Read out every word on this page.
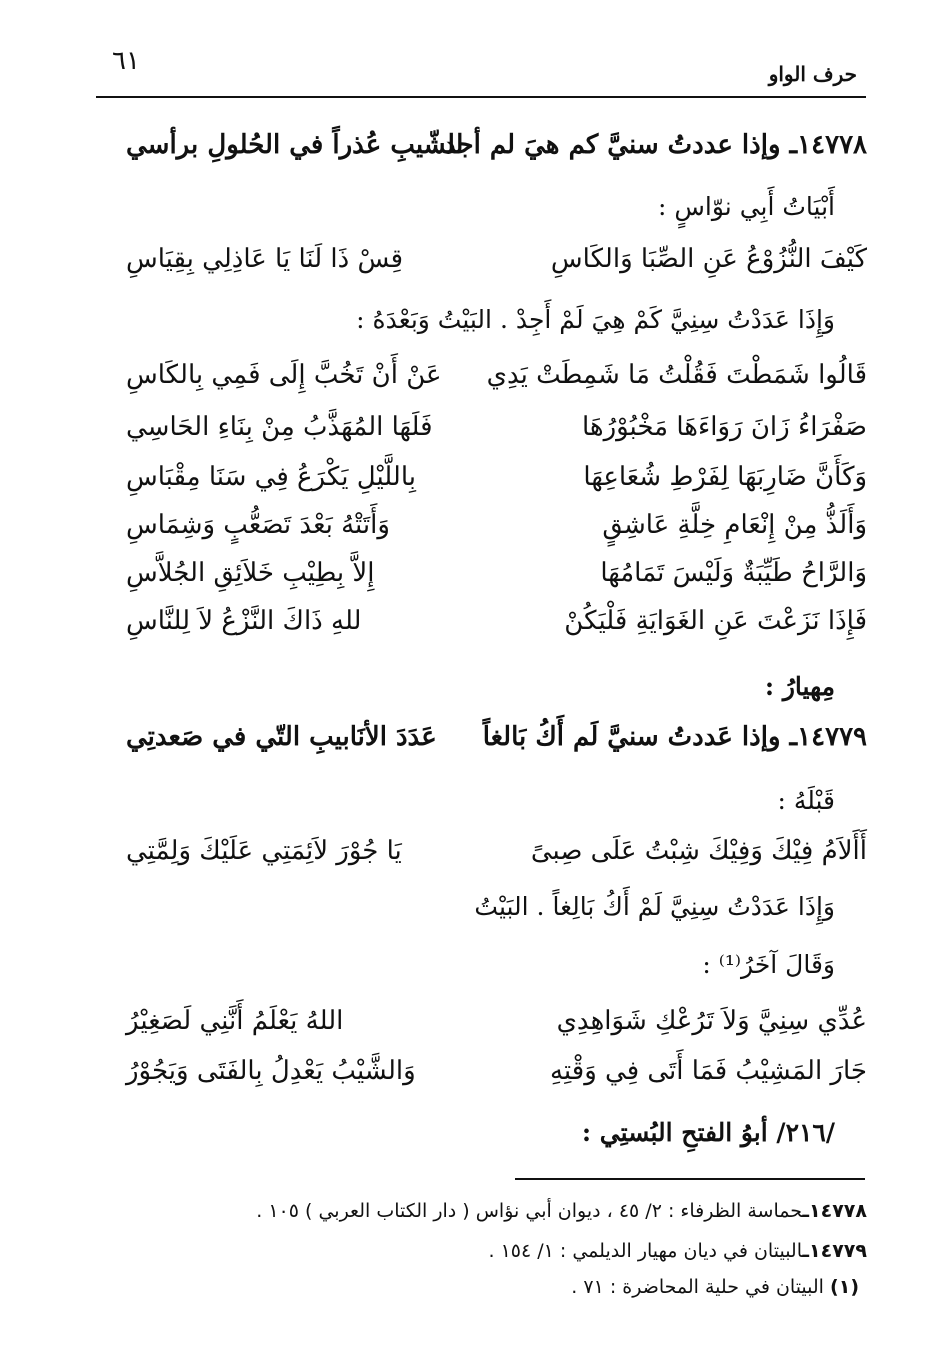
٦١	حرف الواو
١٤٧٧٨ـ وإذا عددتُ سنيَّ كم هيَ لم أجد
للشّيبِ عُذراً في الحُلولِ برأسي
أَبْيَاتُ أَبِي نوّاسٍ :
كَيْفَ النُّزُوْعُ عَنِ الصِّبَا وَالكَاسِ
قِسْ ذَا لَنَا يَا عَاذِلِي بِقِيَاسِ
وَإِذَا عَدَدْتُ سِنِيَّ كَمْ هِيَ لَمْ أَجِدْ . البَيْتُ وَبَعْدَهُ :
قَالُوا شَمَطْتَ فَقُلْتُ مَا شَمِطَتْ يَدِي
عَنْ أَنْ تَخُبَّ إِلَى فَمِي بِالكَاسِ
صَفْرَاءُ زَانَ رَوَاءَهَا مَخْبُوْرُهَا
فَلَهَا المُهَذَّبُ مِنْ بِنَاءِ الحَاسِي
وَكَأَنَّ ضَارِبَهَا لِفَرْطِ شُعَاعِهَا
بِاللَّيْلِ يَكْرَعُ فِي سَنَا مِقْبَاسِ
وَأَلَذُّ مِنْ إِنْعَامِ خِلَّةِ عَاشِقٍ
وَأَتَتْهُ بَعْدَ تَصَعُّبٍ وَشِمَاسِ
وَالرَّاحُ طَيِّبَةٌ وَلَيْسَ تَمَامُهَا
إِلاَّ بِطِيْبِ خَلاَئِقِ الجُلاَّسِ
فَإِذَا نَزَعْتَ عَنِ الغَوَايَةِ فَلْيَكُنْ
للهِ ذَاكَ النَّزْعُ لاَ لِلنَّاسِ
مِهيارُ :
١٤٧٧٩ـ وإذا عَددتُ سنيَّ لَم أَكُ بَالغاً
عَدَدَ الأنَابيبِ التّي في صَعدتِي
قَبْلَهُ :
أَأَلاَمُ فِيْكَ وَفِيْكَ شِبْتُ عَلَى صِبىً
يَا جُوْرَ لاَئِمَتِي عَلَيْكَ وَلِمَّتِي
وَإِذَا عَدَدْتُ سِنِيَّ لَمْ أَكُ بَالِغاً . البَيْتُ
وَقَالَ آخَرُ⁽¹⁾ :
عُدِّي سِنِيَّ وَلاَ تَرُعْكِ شَوَاهِدِي
اللهُ يَعْلَمُ أَنَّنِي لَصَغِيْرُ
جَارَ المَشِيْبُ فَمَا أَتَى فِي وَقْتِهِ
وَالشَّيْبُ يَعْدِلُ بِالفَتَى وَيَجُوْرُ
/٢١٦/ أبوُ الفتحِ البُستِي :
١٤٧٧٨ـحماسة الظرفاء : ٢/ ٤٥ ، ديوان أبي نؤاس ( دار الكتاب العربي ) ١٠٥ .
١٤٧٧٩ـالبيتان في ديان مهيار الديلمي : ١/ ١٥٤ .
(١) البيتان في حلية المحاضرة : ٧١ .
